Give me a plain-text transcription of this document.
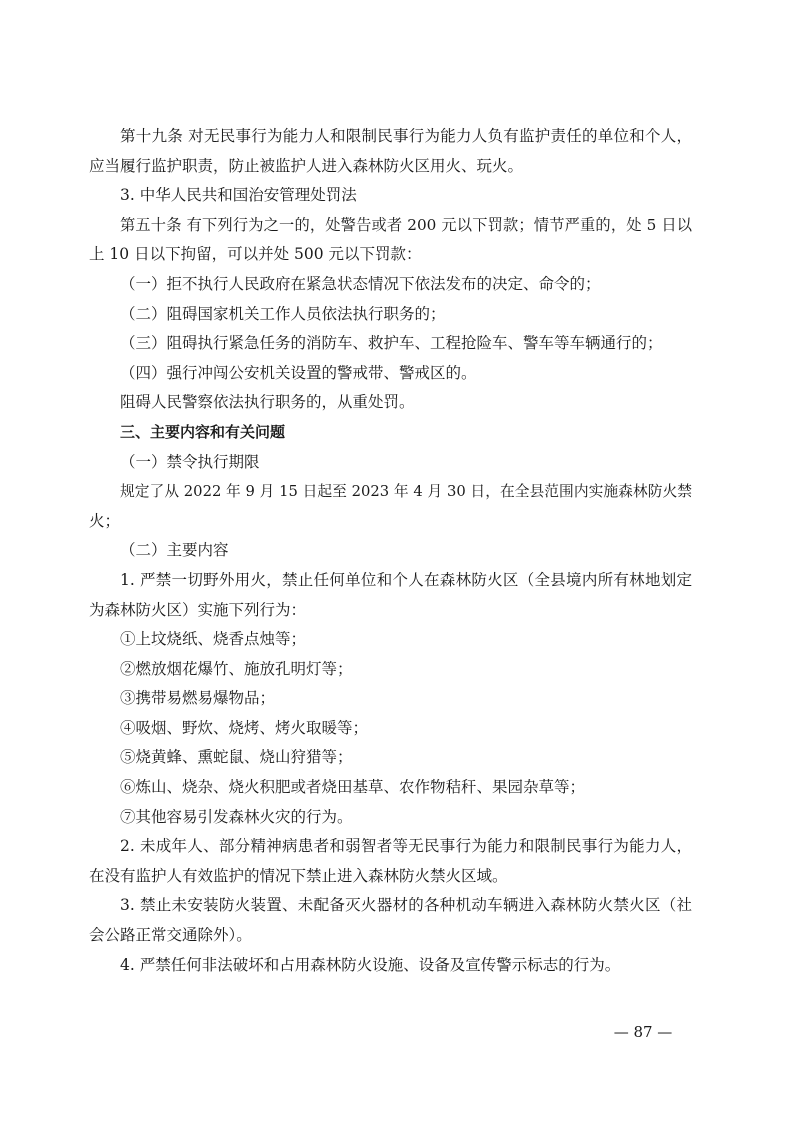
第十九条 对无民事行为能力人和限制民事行为能力人负有监护责任的单位和个人，
应当履行监护职责，防止被监护人进入森林防火区用火、玩火。
3. 中华人民共和国治安管理处罚法
第五十条 有下列行为之一的，处警告或者 200 元以下罚款；情节严重的，处 5 日以
上 10 日以下拘留，可以并处 500 元以下罚款：
（一）拒不执行人民政府在紧急状态情况下依法发布的决定、命令的；
（二）阻碍国家机关工作人员依法执行职务的；
（三）阻碍执行紧急任务的消防车、救护车、工程抢险车、警车等车辆通行的；
（四）强行冲闯公安机关设置的警戒带、警戒区的。
阻碍人民警察依法执行职务的，从重处罚。
三、主要内容和有关问题
（一）禁令执行期限
规定了从 2022 年 9 月 15 日起至 2023 年 4 月 30 日，在全县范围内实施森林防火禁
火；
（二）主要内容
1. 严禁一切野外用火，禁止任何单位和个人在森林防火区（全县境内所有林地划定
为森林防火区）实施下列行为：
①上坟烧纸、烧香点烛等；
②燃放烟花爆竹、施放孔明灯等；
③携带易燃易爆物品；
④吸烟、野炊、烧烤、烤火取暖等；
⑤烧黄蜂、熏蛇鼠、烧山狩猎等；
⑥炼山、烧杂、烧火积肥或者烧田基草、农作物秸秆、果园杂草等；
⑦其他容易引发森林火灾的行为。
2. 未成年人、部分精神病患者和弱智者等无民事行为能力和限制民事行为能力人，
在没有监护人有效监护的情况下禁止进入森林防火禁火区域。
3. 禁止未安装防火装置、未配备灭火器材的各种机动车辆进入森林防火禁火区（社
会公路正常交通除外）。
4. 严禁任何非法破坏和占用森林防火设施、设备及宣传警示标志的行为。
— 87 —
